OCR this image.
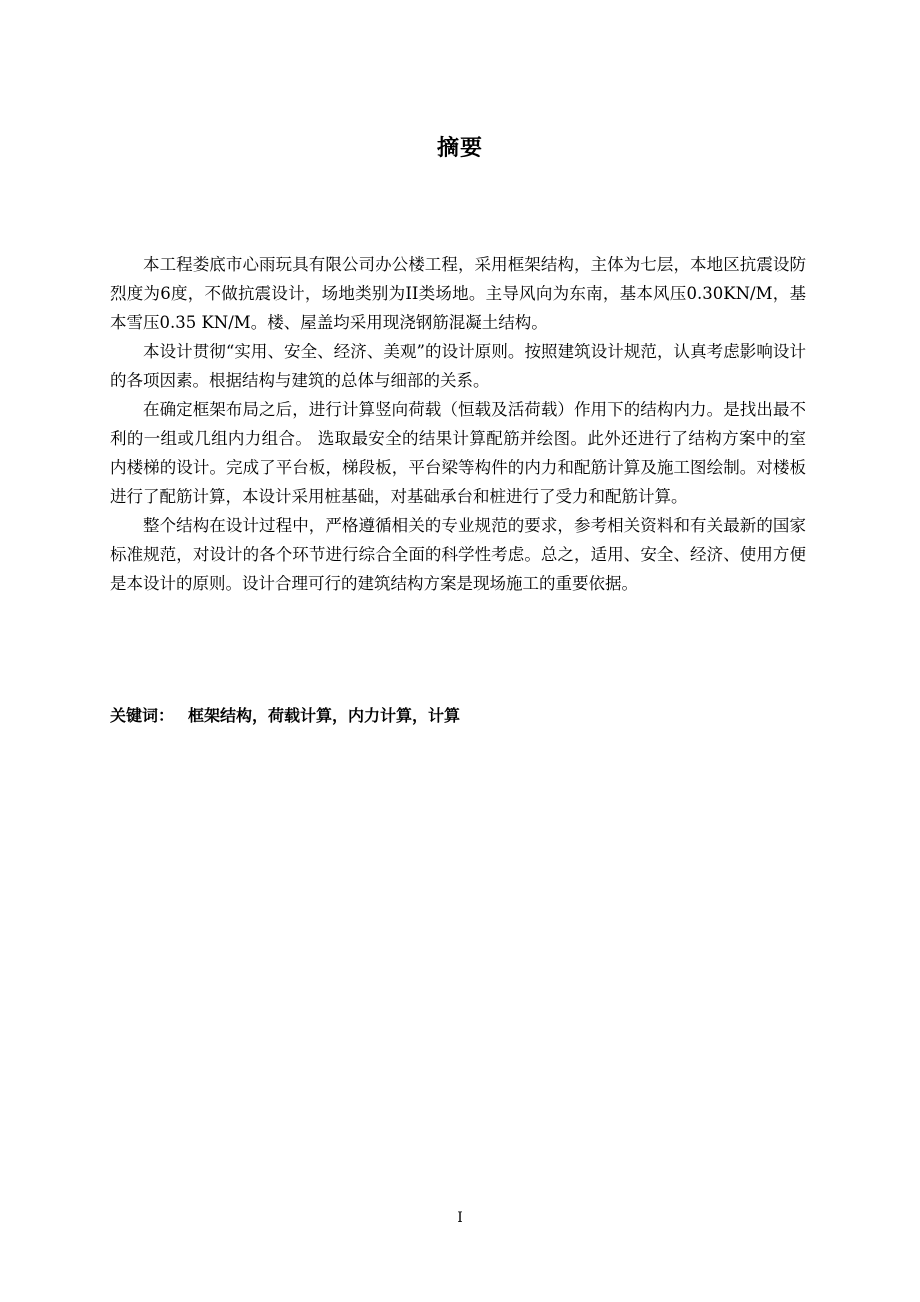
摘要

本工程娄底市心雨玩具有限公司办公楼工程，采用框架结构，主体为七层，本地区抗震设防烈度为6度，不做抗震设计，场地类别为II类场地。主导风向为东南，基本风压0.30KN/M，基本雪压0.35 KN/M。楼、屋盖均采用现浇钢筋混凝土结构。

本设计贯彻“实用、安全、经济、美观”的设计原则。按照建筑设计规范，认真考虑影响设计的各项因素。根据结构与建筑的总体与细部的关系。

在确定框架布局之后，进行计算竖向荷载（恒载及活荷载）作用下的结构内力。是找出最不利的一组或几组内力组合。 选取最安全的结果计算配筋并绘图。此外还进行了结构方案中的室内楼梯的设计。完成了平台板，梯段板，平台梁等构件的内力和配筋计算及施工图绘制。对楼板进行了配筋计算，本设计采用桩基础，对基础承台和桩进行了受力和配筋计算。

整个结构在设计过程中，严格遵循相关的专业规范的要求，参考相关资料和有关最新的国家标准规范，对设计的各个环节进行综合全面的科学性考虑。总之，适用、安全、经济、使用方便是本设计的原则。设计合理可行的建筑结构方案是现场施工的重要依据。

关键词： 框架结构，荷载计算，内力计算，计算
I
